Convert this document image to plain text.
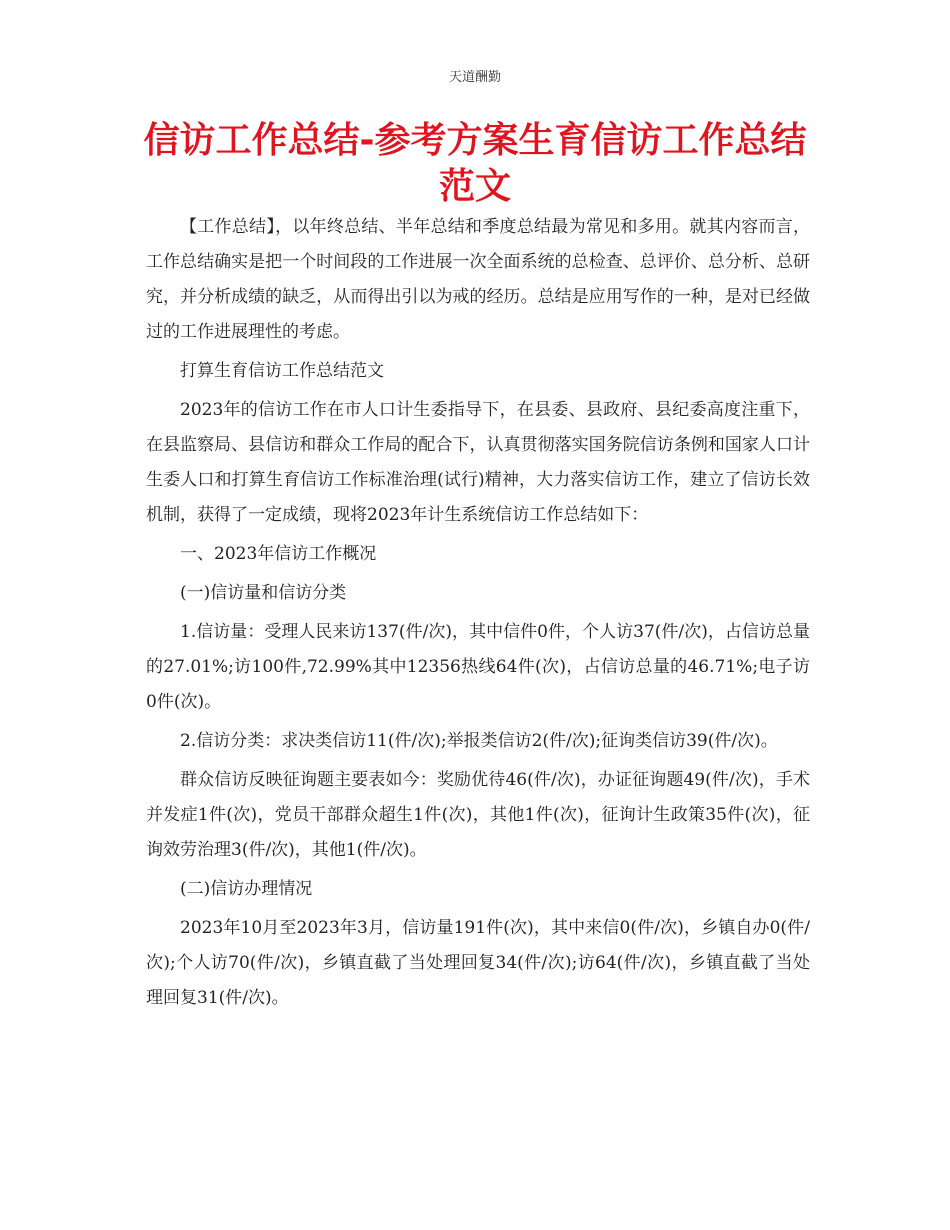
天道酬勤
信访工作总结-参考方案生育信访工作总结范文

【工作总结】，以年终总结、半年总结和季度总结最为常见和多用。就其内容而言，工作总结确实是把一个时间段的工作进展一次全面系统的总检查、总评价、总分析、总研究，并分析成绩的缺乏，从而得出引以为戒的经历。总结是应用写作的一种，是对已经做过的工作进展理性的考虑。

打算生育信访工作总结范文

2023年的信访工作在市人口计生委指导下，在县委、县政府、县纪委高度注重下，在县监察局、县信访和群众工作局的配合下，认真贯彻落实国务院信访条例和国家人口计生委人口和打算生育信访工作标准治理(试行)精神，大力落实信访工作，建立了信访长效机制，获得了一定成绩，现将2023年计生系统信访工作总结如下：

一、2023年信访工作概况

(一)信访量和信访分类

1.信访量：受理人民来访137(件/次)，其中信件0件，个人访37(件/次)，占信访总量的27.01%;访100件,72.99%其中12356热线64件(次)，占信访总量的46.71%;电子访0件(次)。

2.信访分类：求决类信访11(件/次);举报类信访2(件/次);征询类信访39(件/次)。

群众信访反映征询题主要表如今：奖励优待46(件/次)，办证征询题49(件/次)，手术并发症1件(次)，党员干部群众超生1件(次)，其他1件(次)，征询计生政策35件(次)，征询效劳治理3(件/次)，其他1(件/次)。

(二)信访办理情况

2023年10月至2023年3月，信访量191件(次)，其中来信0(件/次)，乡镇自办0(件/次);个人访70(件/次)，乡镇直截了当处理回复34(件/次);访64(件/次)，乡镇直截了当处理回复31(件/次)。
